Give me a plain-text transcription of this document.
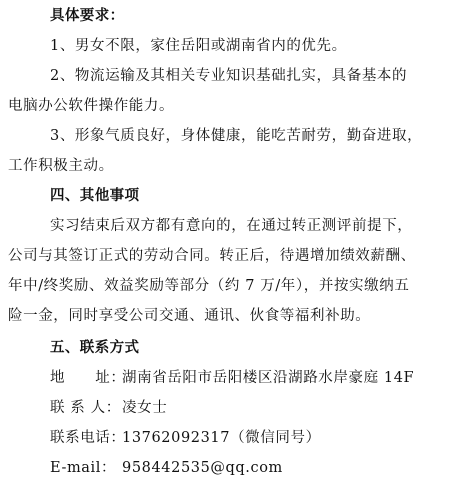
具体要求：
1、男女不限，家住岳阳或湖南省内的优先。
2、物流运输及其相关专业知识基础扎实，具备基本的
电脑办公软件操作能力。
3、形象气质良好，身体健康，能吃苦耐劳，勤奋进取，
工作积极主动。
四、其他事项
实习结束后双方都有意向的，在通过转正测评前提下，
公司与其签订正式的劳动合同。转正后，待遇增加绩效薪酬、
年中/终奖励、效益奖励等部分（约 7 万/年），并按实缴纳五
险一金，同时享受公司交通、通讯、伙食等福利补助。
五、联系方式
地　　址：湖南省岳阳市岳阳楼区沿湖路水岸豪庭 14F
联 系 人：凌女士
联系电话：13762092317（微信同号）
E-mail： 958442535@qq.com
